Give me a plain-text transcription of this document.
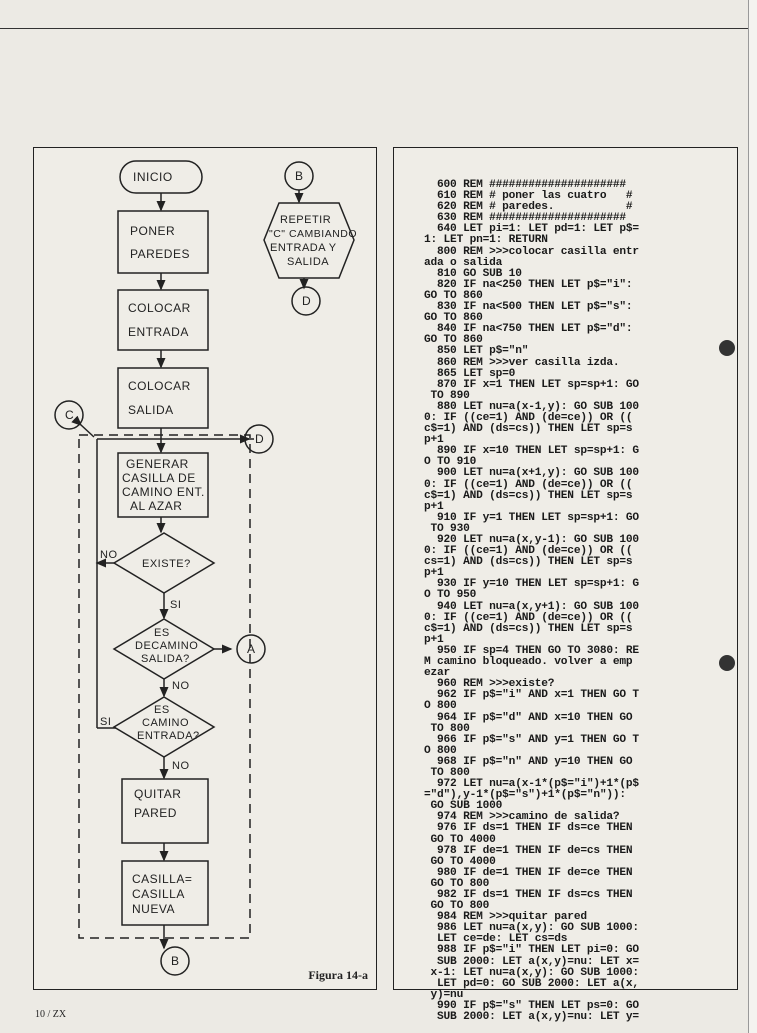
INICIO
PONER
PAREDES
COLOCAR
ENTRADA
COLOCAR
SALIDA
GENERAR
CASILLA DE
CAMINO ENT.
AL AZAR
EXISTE?
ES
DECAMINO
SALIDA?
ES
CAMINO
ENTRADA?
QUITAR
PARED
CASILLA=
CASILLA
NUEVA
REPETIR
"C" CAMBIANDO
ENTRADA Y
SALIDA
B
B
D
D
C
A
NO
SI
NO
SI
NO
Figura 14-a
600 REM #####################
610 REM # poner las cuatro   #
620 REM # paredes.           #
630 REM #####################
640 LET pi=1: LET pd=1: LET p$=
1: LET pn=1: RETURN
800 REM >>>colocar casilla entr
ada o salida
810 GO SUB 10
820 IF na<250 THEN LET p$="i":
GO TO 860
830 IF na<500 THEN LET p$="s":
GO TO 860
840 IF na<750 THEN LET p$="d":
GO TO 860
850 LET p$="n"
860 REM >>>ver casilla izda.
865 LET sp=0
870 IF x=1 THEN LET sp=sp+1: GO
TO 890
880 LET nu=a(x-1,y): GO SUB 100
0: IF ((ce=1) AND (de=ce)) OR ((
c$=1) AND (ds=cs)) THEN LET sp=s
p+1
890 IF x=10 THEN LET sp=sp+1: G
O TO 910
900 LET nu=a(x+1,y): GO SUB 100
0: IF ((ce=1) AND (de=ce)) OR ((
c$=1) AND (ds=cs)) THEN LET sp=s
p+1
910 IF y=1 THEN LET sp=sp+1: GO
TO 930
920 LET nu=a(x,y-1): GO SUB 100
0: IF ((ce=1) AND (de=ce)) OR ((
cs=1) AND (ds=cs)) THEN LET sp=s
p+1
930 IF y=10 THEN LET sp=sp+1: G
O TO 950
940 LET nu=a(x,y+1): GO SUB 100
0: IF ((ce=1) AND (de=ce)) OR ((
c$=1) AND (ds=cs)) THEN LET sp=s
p+1
950 IF sp=4 THEN GO TO 3080: RE
M camino bloqueado. volver a emp
ezar
960 REM >>>existe?
962 IF p$="i" AND x=1 THEN GO T
O 800
964 IF p$="d" AND x=10 THEN GO
TO 800
966 IF p$="s" AND y=1 THEN GO T
O 800
968 IF p$="n" AND y=10 THEN GO
TO 800
972 LET nu=a(x-1*(p$="i")+1*(p$
="d"),y-1*(p$="s")+1*(p$="n")):
GO SUB 1000
974 REM >>>camino de salida?
976 IF ds=1 THEN IF ds=ce THEN
GO TO 4000
978 IF de=1 THEN IF de=cs THEN
GO TO 4000
980 IF de=1 THEN IF de=ce THEN
GO TO 800
982 IF ds=1 THEN IF ds=cs THEN
GO TO 800
984 REM >>>quitar pared
986 LET nu=a(x,y): GO SUB 1000:
LET ce=de: LET cs=ds
988 IF p$="i" THEN LET pi=0: GO
SUB 2000: LET a(x,y)=nu: LET x=
x-1: LET nu=a(x,y): GO SUB 1000:
LET pd=0: GO SUB 2000: LET a(x,
y)=nu
990 IF p$="s" THEN LET ps=0: GO
SUB 2000: LET a(x,y)=nu: LET y=
10 / ZX
